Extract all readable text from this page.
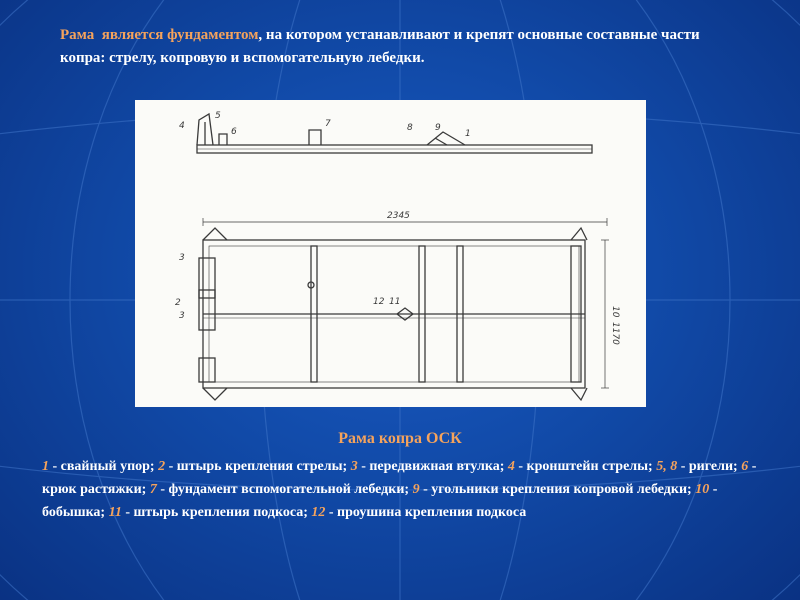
Рама является фундаментом, на котором устанавливают и крепят основные составные части копра: стрелу, копровую и вспомогательную лебедки.
4
5
6
7	8 9
1
3
2
3
12 11
2345
10
1170
Рама копра ОСК
1 - свайный упор; 2 - штырь крепления стрелы; 3 - передвижная втулка; 4 - кронштейн стрелы; 5, 8 - ригели; 6 - крюк растяжки; 7 - фундамент вспомогательной лебедки; 9 - угольники крепления копровой лебедки; 10 - бобышка; 11 - штырь крепления подкоса; 12 - проушина крепления подкоса
